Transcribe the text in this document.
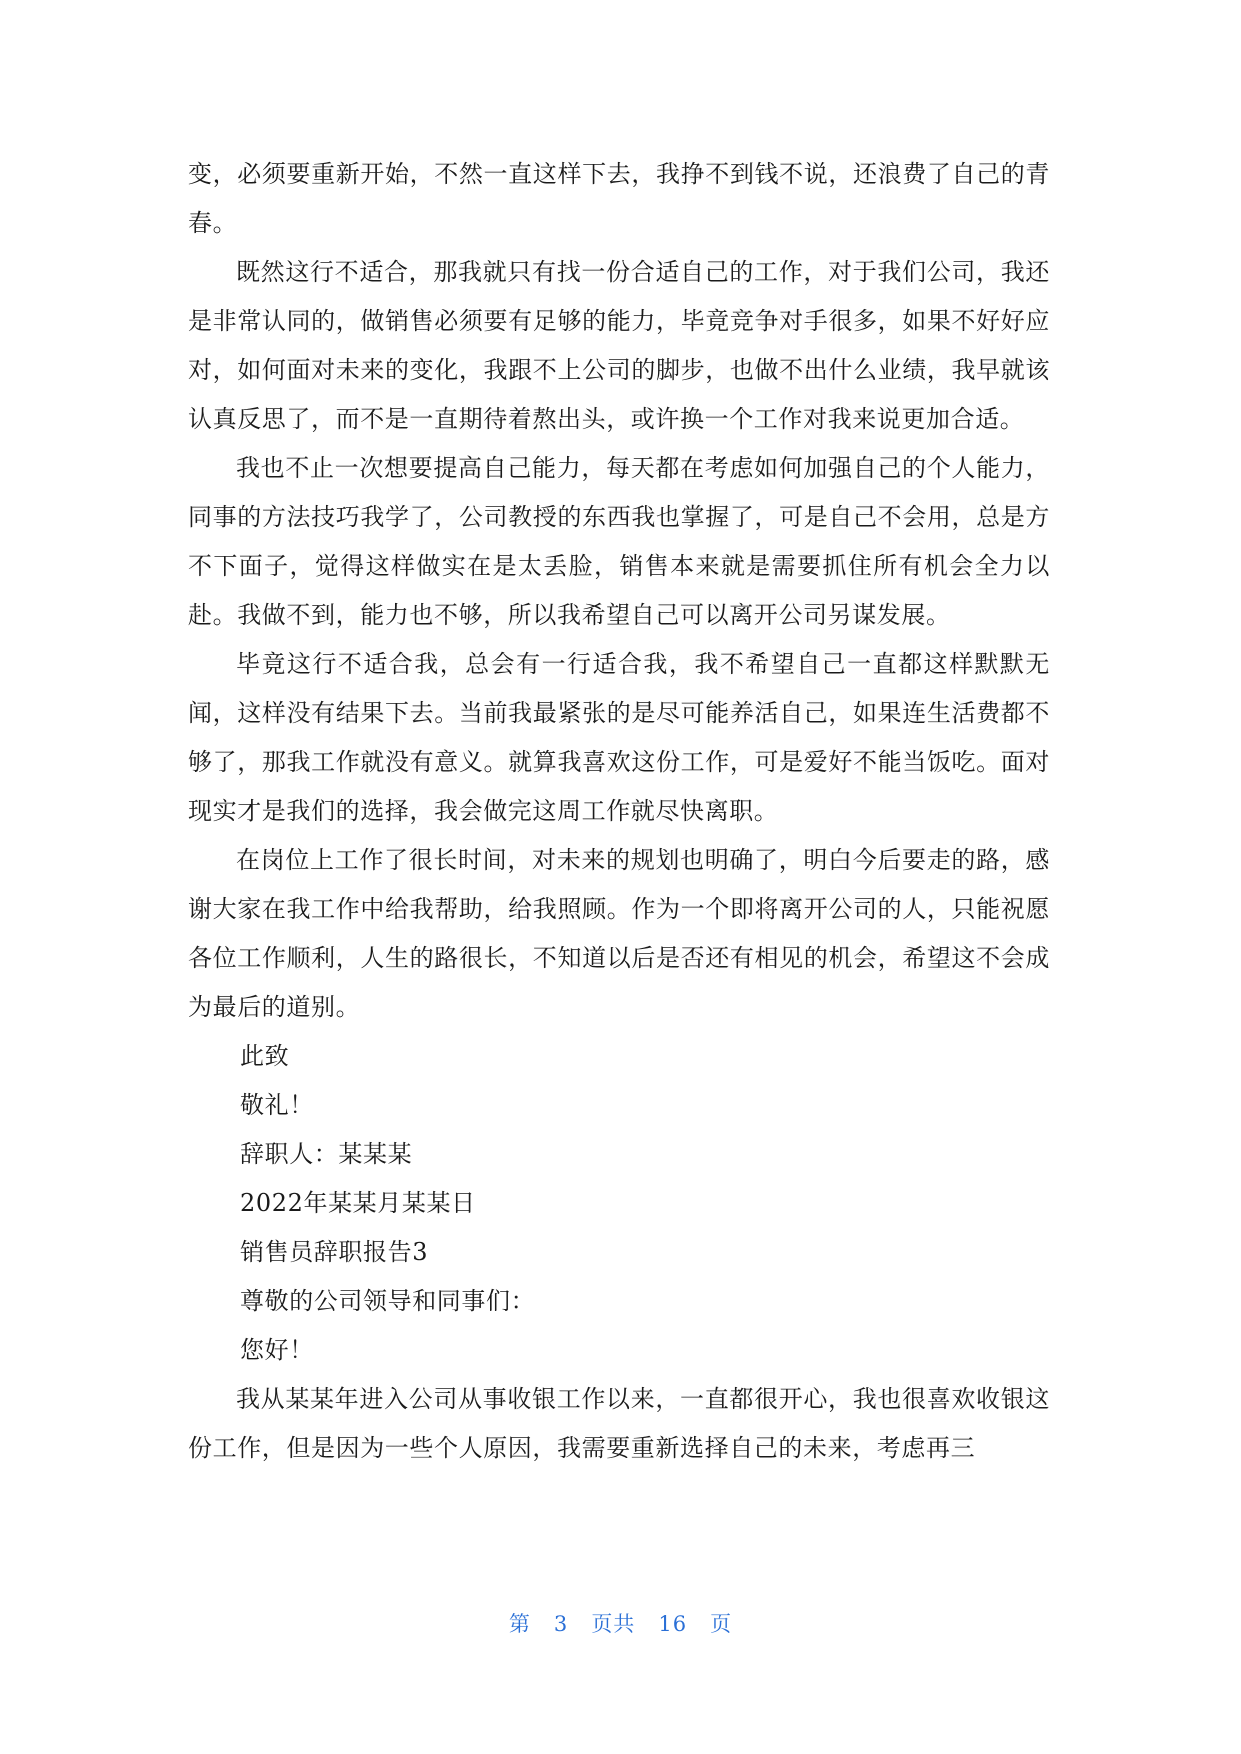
变，必须要重新开始，不然一直这样下去，我挣不到钱不说，还浪费了自己的青春。

既然这行不适合，那我就只有找一份合适自己的工作，对于我们公司，我还是非常认同的，做销售必须要有足够的能力，毕竟竞争对手很多，如果不好好应对，如何面对未来的变化，我跟不上公司的脚步，也做不出什么业绩，我早就该认真反思了，而不是一直期待着熬出头，或许换一个工作对我来说更加合适。

我也不止一次想要提高自己能力，每天都在考虑如何加强自己的个人能力，同事的方法技巧我学了，公司教授的东西我也掌握了，可是自己不会用，总是方不下面子，觉得这样做实在是太丢脸，销售本来就是需要抓住所有机会全力以赴。我做不到，能力也不够，所以我希望自己可以离开公司另谋发展。

毕竟这行不适合我，总会有一行适合我，我不希望自己一直都这样默默无闻，这样没有结果下去。当前我最紧张的是尽可能养活自己，如果连生活费都不够了，那我工作就没有意义。就算我喜欢这份工作，可是爱好不能当饭吃。面对现实才是我们的选择，我会做完这周工作就尽快离职。

在岗位上工作了很长时间，对未来的规划也明确了，明白今后要走的路，感谢大家在我工作中给我帮助，给我照顾。作为一个即将离开公司的人，只能祝愿各位工作顺利，人生的路很长，不知道以后是否还有相见的机会，希望这不会成为最后的道别。

此致

敬礼！

辞职人：某某某

2022年某某月某某日

销售员辞职报告3

尊敬的公司领导和同事们：

您好！

我从某某年进入公司从事收银工作以来，一直都很开心，我也很喜欢收银这份工作，但是因为一些个人原因，我需要重新选择自己的未来，考虑再三

第 3 页共 16 页
